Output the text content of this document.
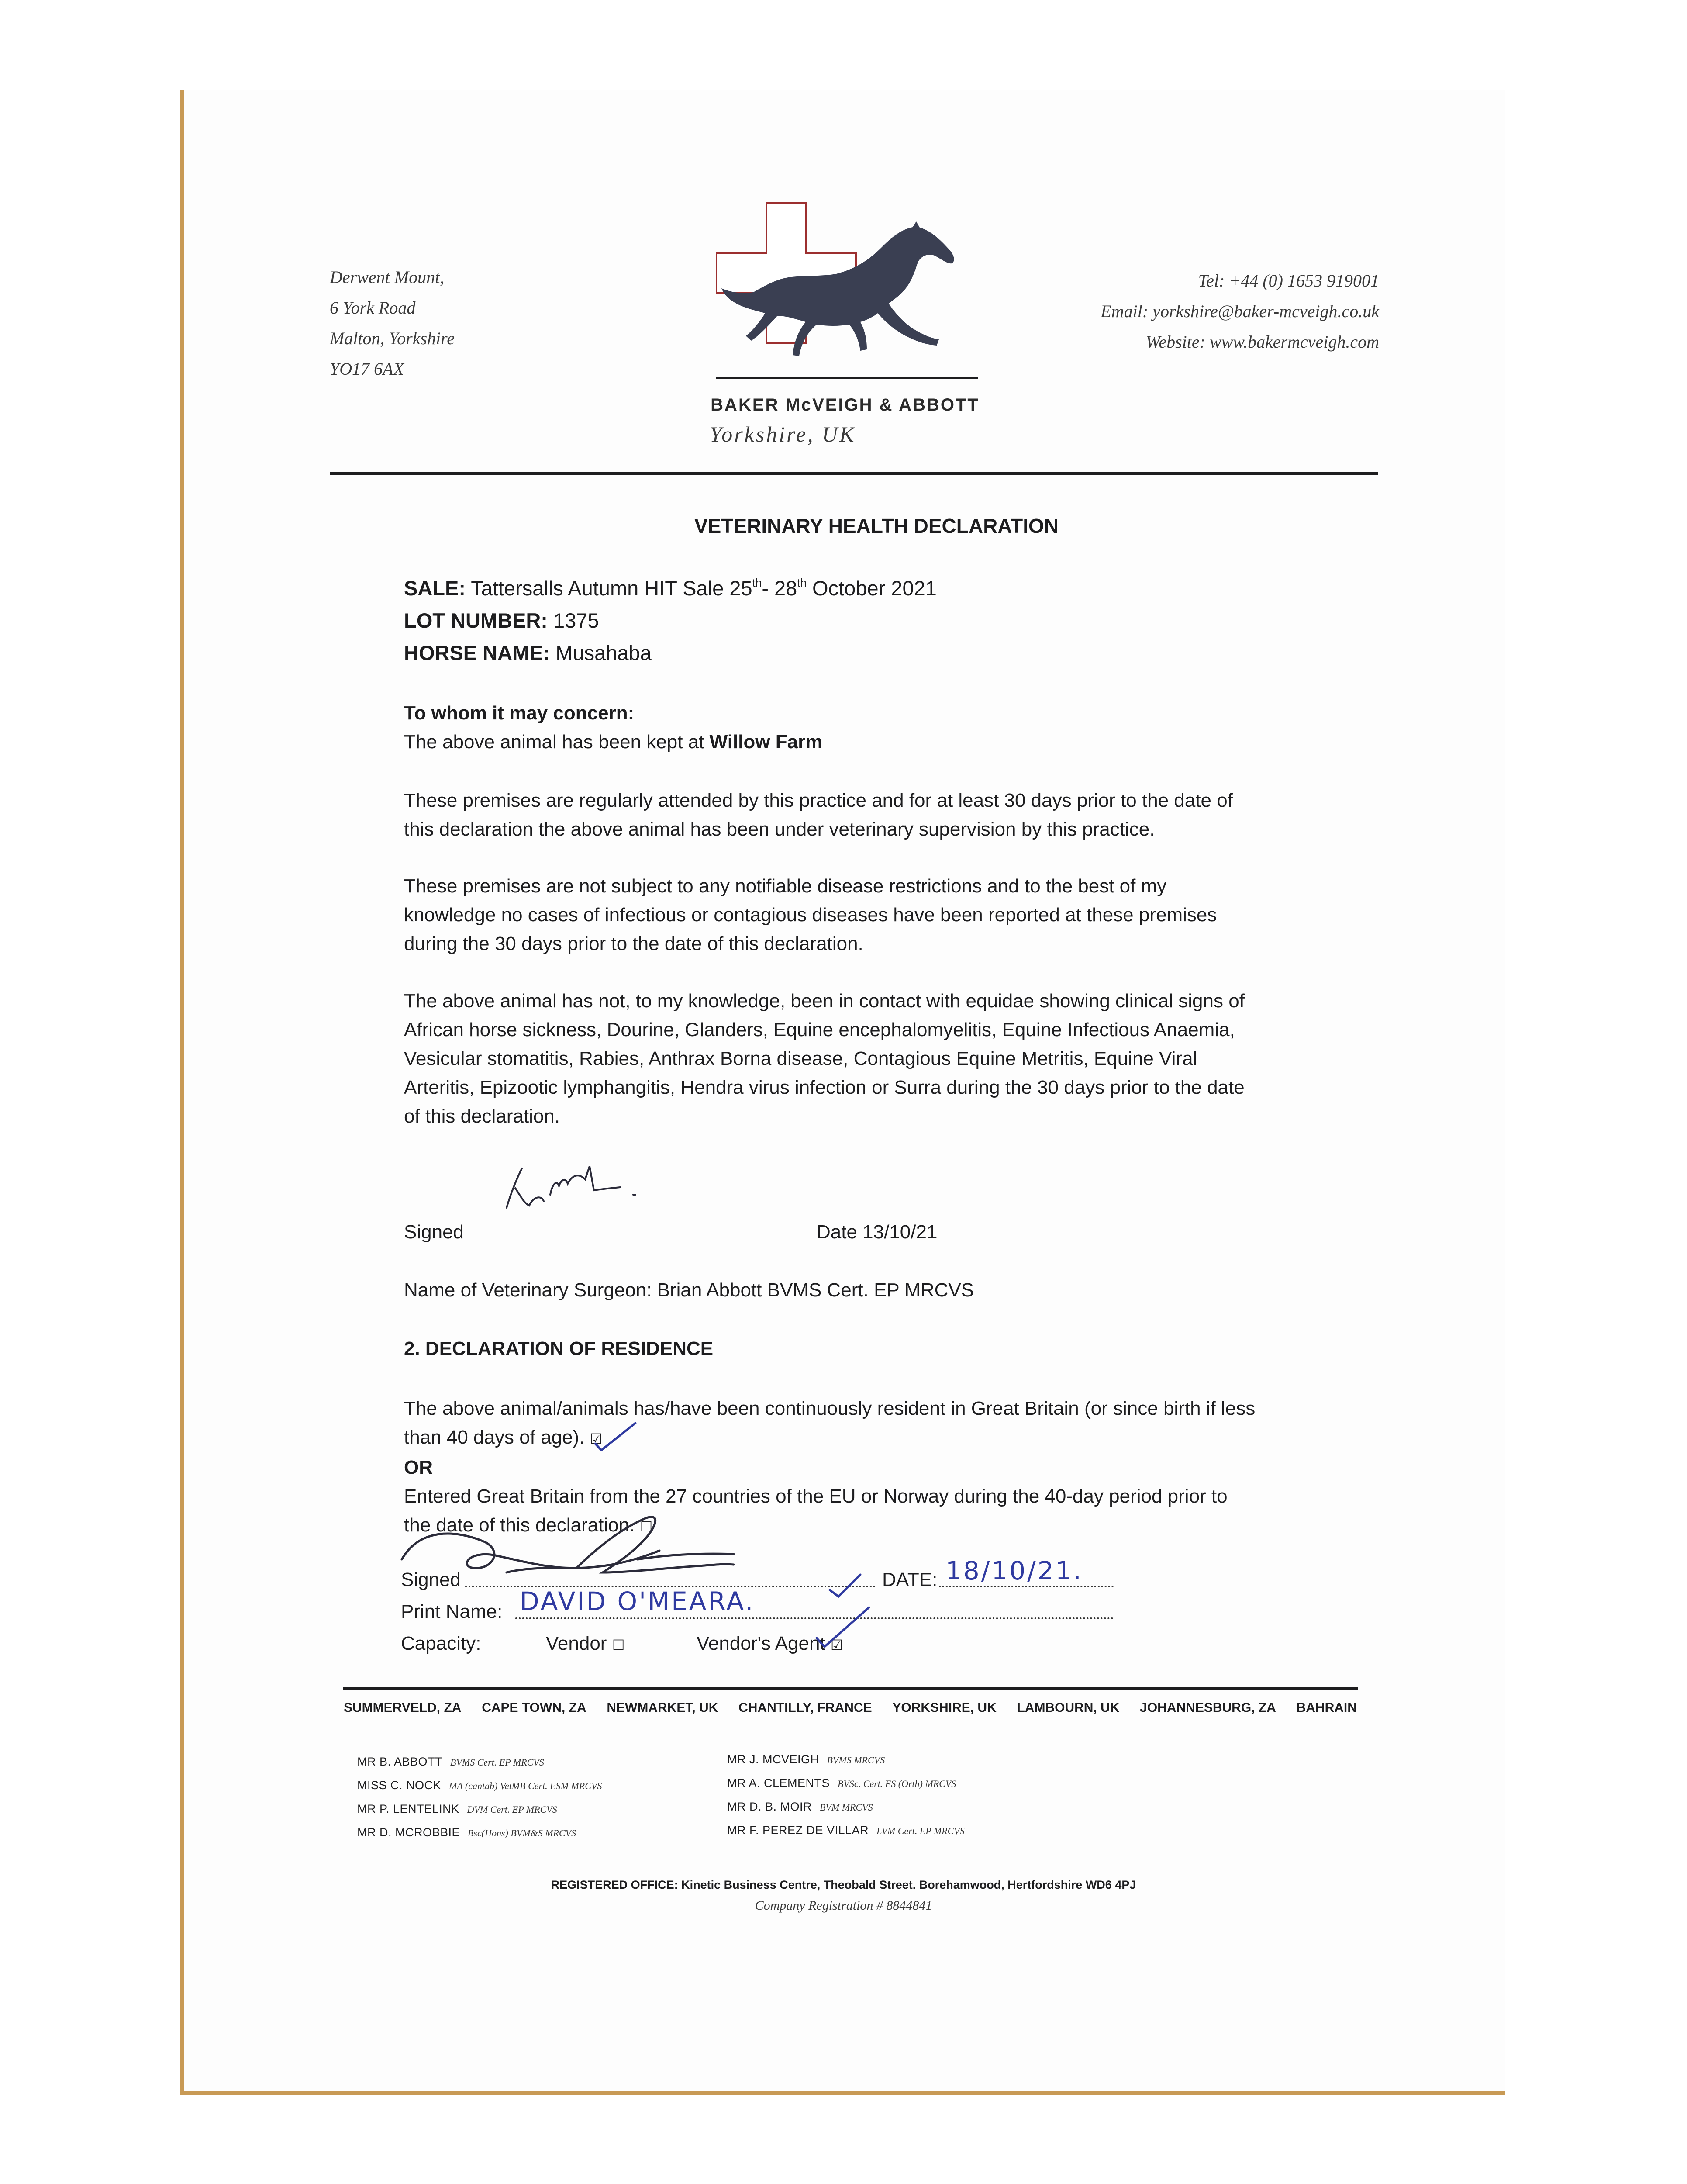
Derwent Mount,
6 York Road
Malton, Yorkshire
YO17 6AX
Tel: +44 (0) 1653 919001
Email: yorkshire@baker-mcveigh.co.uk
Website: www.bakermcveigh.com
BAKER McVEIGH & ABBOTT
Yorkshire, UK
VETERINARY HEALTH DECLARATION
SALE: Tattersalls Autumn HIT Sale 25th- 28th October 2021
LOT NUMBER: 1375
HORSE NAME: Musahaba

To whom it may concern:

The above animal has been kept at Willow Farm

These premises are regularly attended by this practice and for at least 30 days prior to the date of

this declaration the above animal has been under veterinary supervision by this practice.

These premises are not subject to any notifiable disease restrictions and to the best of my

knowledge no cases of infectious or contagious diseases have been reported at these premises

during the 30 days prior to the date of this declaration.

The above animal has not, to my knowledge, been in contact with equidae showing clinical signs of

African horse sickness, Dourine, Glanders, Equine encephalomyelitis, Equine Infectious Anaemia,

Vesicular stomatitis, Rabies, Anthrax Borna disease, Contagious Equine Metritis, Equine Viral

Arteritis, Epizootic lymphangitis, Hendra virus infection or Surra during the 30 days prior to the date

of this declaration.

Signed	Date 13/10/21
Name of Veterinary Surgeon: Brian Abbott BVMS Cert. EP MRCVS
2. DECLARATION OF RESIDENCE

The above animal/animals has/have been continuously resident in Great Britain (or since birth if less

than 40 days of age). ☑

OR

Entered Great Britain from the 27 countries of the EU or Norway during the 40-day period prior to

the date of this declaration. ☐

Signed	DATE: 18/10/21.
Print Name: DAVID O'MEARA.
Capacity:	Vendor ☐	Vendor's Agent ☑
SUMMERVELD, ZA CAPE TOWN, ZA NEWMARKET, UK CHANTILLY, FRANCE YORKSHIRE, UK LAMBOURN, UK JOHANNESBURG, ZA BAHRAIN
MR B. ABBOTT BVMS Cert. EP MRCVS
MISS C. NOCK MA (cantab) VetMB Cert. ESM MRCVS
MR P. LENTELINK DVM Cert. EP MRCVS
MR D. MCROBBIE Bsc(Hons) BVM&S MRCVS
MR J. MCVEIGH BVMS MRCVS
MR A. CLEMENTS BVSc. Cert. ES (Orth) MRCVS
MR D. B. MOIR BVM MRCVS
MR F. PEREZ DE VILLAR LVM Cert. EP MRCVS
REGISTERED OFFICE: Kinetic Business Centre, Theobald Street. Borehamwood, Hertfordshire WD6 4PJ
Company Registration # 8844841
